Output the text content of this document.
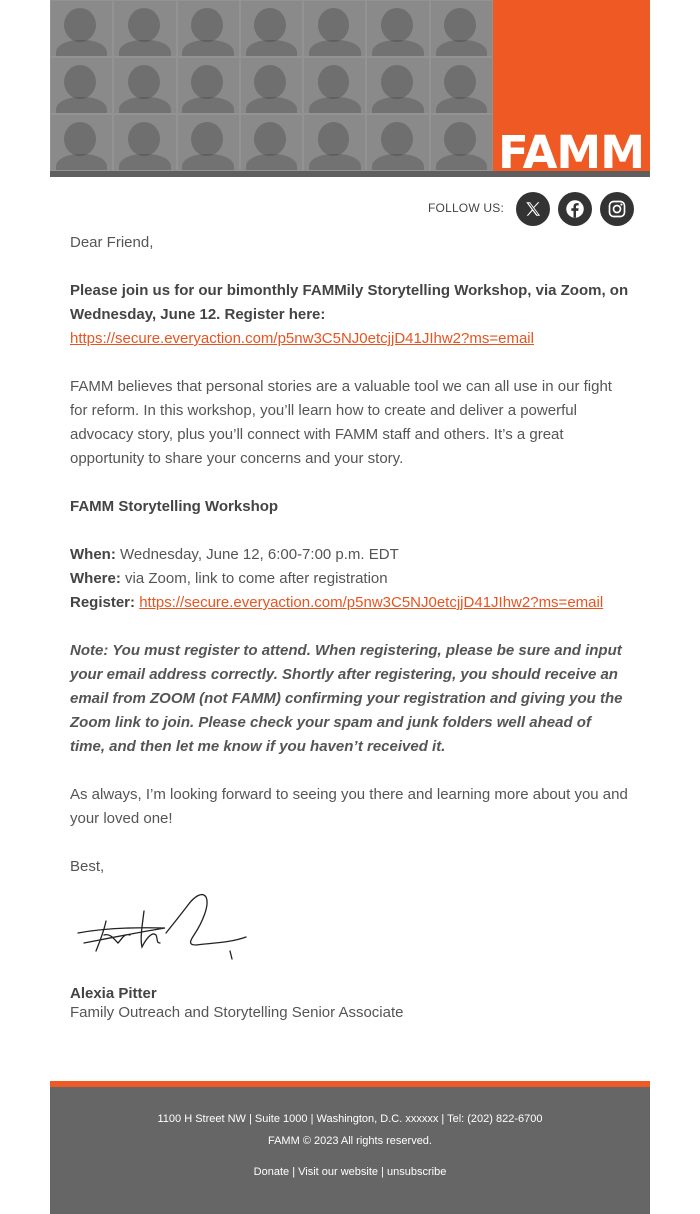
FAMM
FOLLOW US:

Dear Friend,

Please join us for our bimonthly FAMMily Storytelling Workshop, via Zoom, on Wednesday, June 12. Register here:
https://secure.everyaction.com/p5nw3C5NJ0etcjjD41JIhw2?ms=email

FAMM believes that personal stories are a valuable tool we can all use in our fight for reform. In this workshop, you’ll learn how to create and deliver a powerful advocacy story, plus you’ll connect with FAMM staff and others. It’s a great opportunity to share your concerns and your story.

FAMM Storytelling Workshop

When: Wednesday, June 12, 6:00-7:00 p.m. EDT
Where: via Zoom, link to come after registration
Register: https://secure.everyaction.com/p5nw3C5NJ0etcjjD41JIhw2?ms=email

Note: You must register to attend. When registering, please be sure and input your email address correctly. Shortly after registering, you should receive an email from ZOOM (not FAMM) confirming your registration and giving you the Zoom link to join. Please check your spam and junk folders well ahead of time, and then let me know if you haven’t received it.

As always, I’m looking forward to seeing you there and learning more about you and your loved one!

Best,

Alexia Pitter
Family Outreach and Storytelling Senior Associate
1100 H Street NW | Suite 1000 | Washington, D.C. xxxxxx | Tel: (202) 822-6700
FAMM © 2023 All rights reserved.
Donate | Visit our website | unsubscribe
